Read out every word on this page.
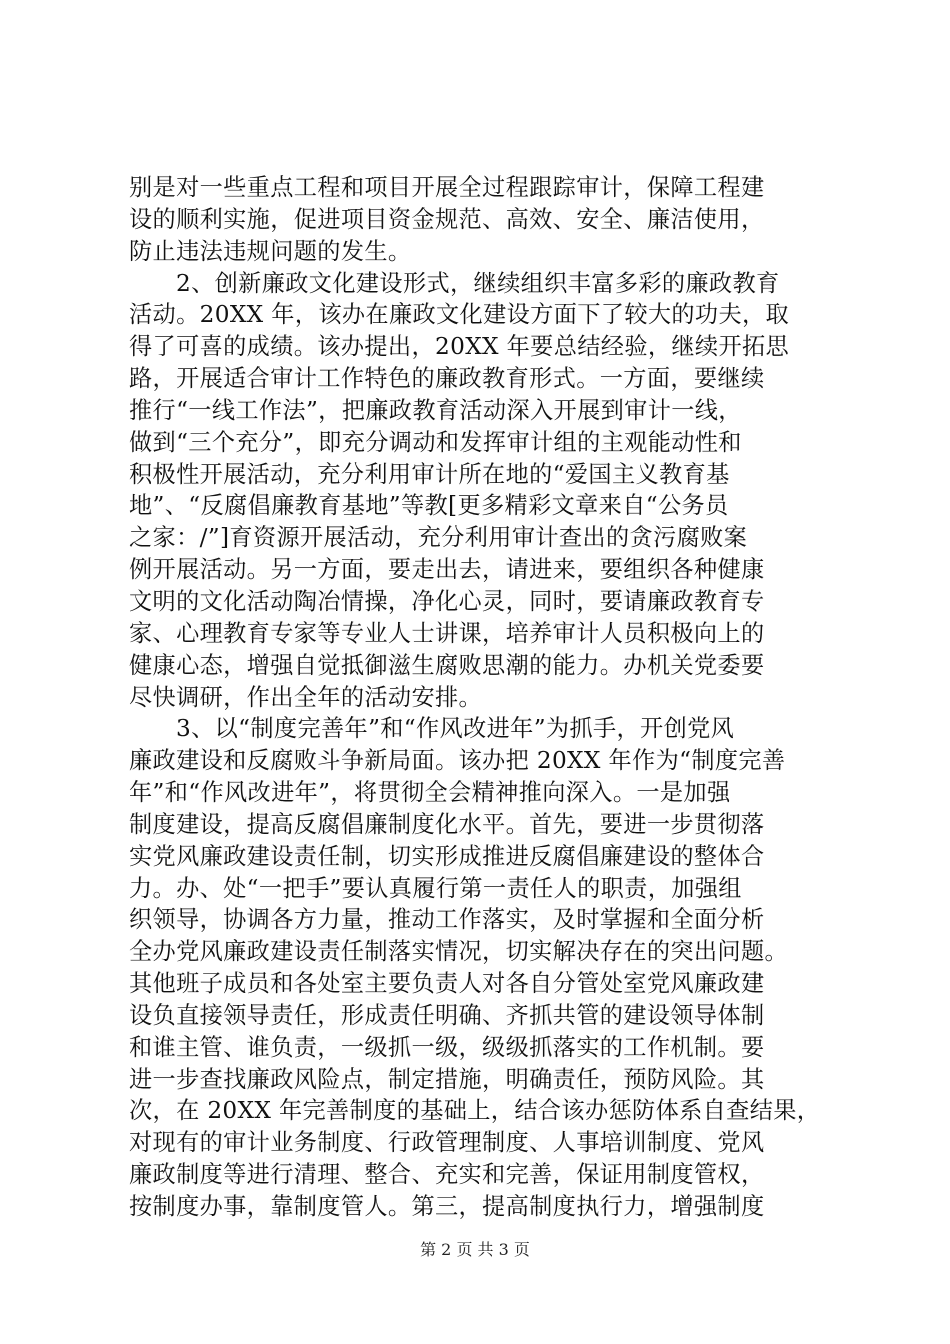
别是对一些重点工程和项目开展全过程跟踪审计，保障工程建
设的顺利实施，促进项目资金规范、高效、安全、廉洁使用，
防止违法违规问题的发生。
2、创新廉政文化建设形式，继续组织丰富多彩的廉政教育
活动。20XX 年，该办在廉政文化建设方面下了较大的功夫，取
得了可喜的成绩。该办提出，20XX 年要总结经验，继续开拓思
路，开展适合审计工作特色的廉政教育形式。一方面，要继续
推行“一线工作法”，把廉政教育活动深入开展到审计一线，
做到“三个充分”，即充分调动和发挥审计组的主观能动性和
积极性开展活动，充分利用审计所在地的“爱国主义教育基
地”、“反腐倡廉教育基地”等教[更多精彩文章来自“公务员
之家：/”]育资源开展活动，充分利用审计查出的贪污腐败案
例开展活动。另一方面，要走出去，请进来，要组织各种健康
文明的文化活动陶冶情操，净化心灵，同时，要请廉政教育专
家、心理教育专家等专业人士讲课，培养审计人员积极向上的
健康心态，增强自觉抵御滋生腐败思潮的能力。办机关党委要
尽快调研，作出全年的活动安排。
3、以“制度完善年”和“作风改进年”为抓手，开创党风
廉政建设和反腐败斗争新局面。该办把 20XX 年作为“制度完善
年”和“作风改进年”，将贯彻全会精神推向深入。一是加强
制度建设，提高反腐倡廉制度化水平。首先，要进一步贯彻落
实党风廉政建设责任制，切实形成推进反腐倡廉建设的整体合
力。办、处“一把手”要认真履行第一责任人的职责，加强组
织领导，协调各方力量，推动工作落实，及时掌握和全面分析
全办党风廉政建设责任制落实情况，切实解决存在的突出问题。
其他班子成员和各处室主要负责人对各自分管处室党风廉政建
设负直接领导责任，形成责任明确、齐抓共管的建设领导体制
和谁主管、谁负责，一级抓一级，级级抓落实的工作机制。要
进一步查找廉政风险点，制定措施，明确责任，预防风险。其
次，在 20XX 年完善制度的基础上，结合该办惩防体系自查结果，
对现有的审计业务制度、行政管理制度、人事培训制度、党风
廉政制度等进行清理、整合、充实和完善，保证用制度管权，
按制度办事，靠制度管人。第三，提高制度执行力，增强制度
第 2 页 共 3 页
